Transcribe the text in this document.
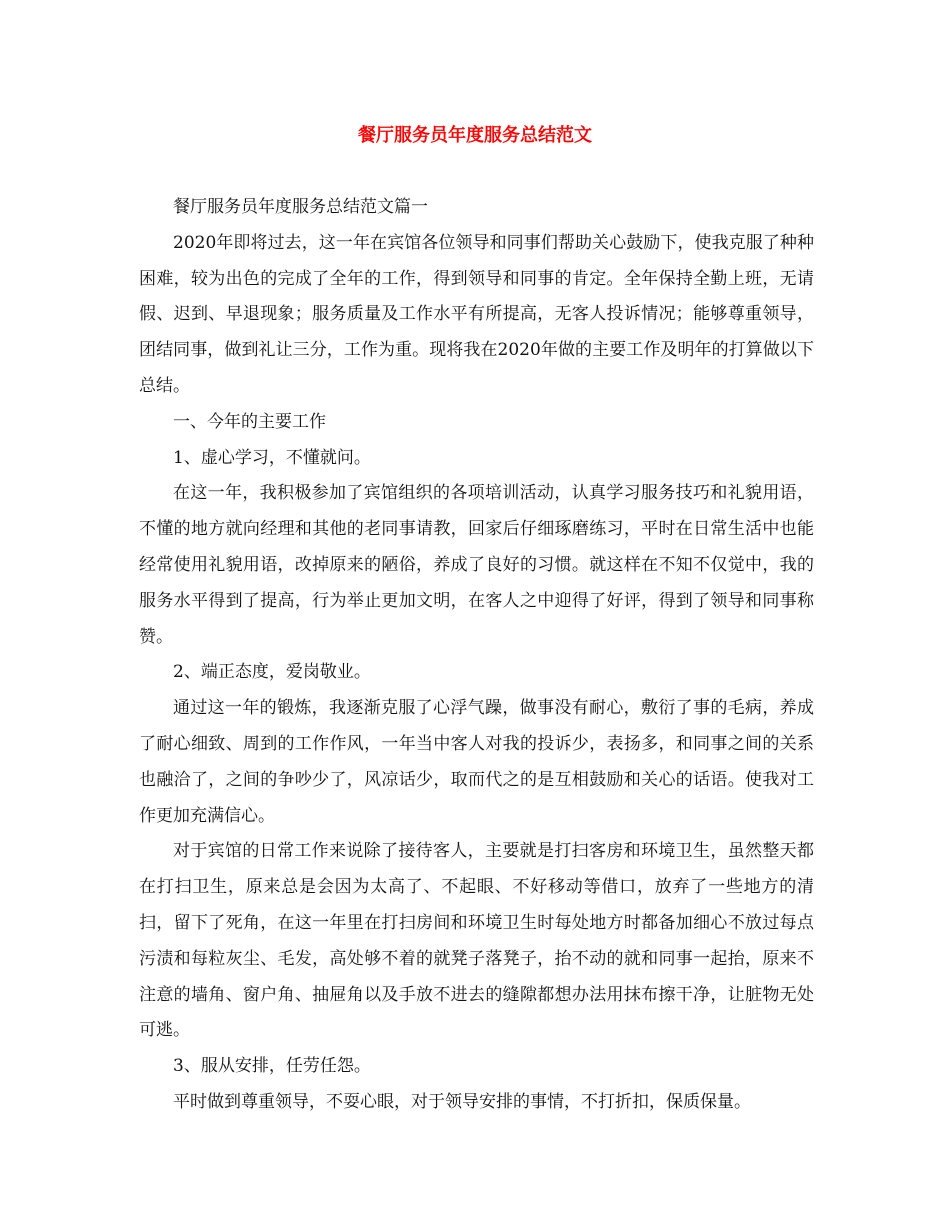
餐厅服务员年度服务总结范文

餐厅服务员年度服务总结范文篇一

2020年即将过去，这一年在宾馆各位领导和同事们帮助关心鼓励下，使我克服了种种困难，较为出色的完成了全年的工作，得到领导和同事的肯定。全年保持全勤上班，无请假、迟到、早退现象；服务质量及工作水平有所提高，无客人投诉情况；能够尊重领导，团结同事，做到礼让三分，工作为重。现将我在2020年做的主要工作及明年的打算做以下总结。

一、今年的主要工作

1、虚心学习，不懂就问。

在这一年，我积极参加了宾馆组织的各项培训活动，认真学习服务技巧和礼貌用语，不懂的地方就向经理和其他的老同事请教，回家后仔细琢磨练习，平时在日常生活中也能经常使用礼貌用语，改掉原来的陋俗，养成了良好的习惯。就这样在不知不仅觉中，我的服务水平得到了提高，行为举止更加文明，在客人之中迎得了好评，得到了领导和同事称赞。

2、端正态度，爱岗敬业。

通过这一年的锻炼，我逐渐克服了心浮气躁，做事没有耐心，敷衍了事的毛病，养成了耐心细致、周到的工作作风，一年当中客人对我的投诉少，表扬多，和同事之间的关系也融洽了，之间的争吵少了，风凉话少，取而代之的是互相鼓励和关心的话语。使我对工作更加充满信心。

对于宾馆的日常工作来说除了接待客人，主要就是打扫客房和环境卫生，虽然整天都在打扫卫生，原来总是会因为太高了、不起眼、不好移动等借口，放弃了一些地方的清扫，留下了死角，在这一年里在打扫房间和环境卫生时每处地方时都备加细心不放过每点污渍和每粒灰尘、毛发，高处够不着的就凳子落凳子，抬不动的就和同事一起抬，原来不注意的墙角、窗户角、抽屉角以及手放不进去的缝隙都想办法用抹布擦干净，让脏物无处可逃。

3、服从安排，任劳任怨。

平时做到尊重领导，不耍心眼，对于领导安排的事情，不打折扣，保质保量。
